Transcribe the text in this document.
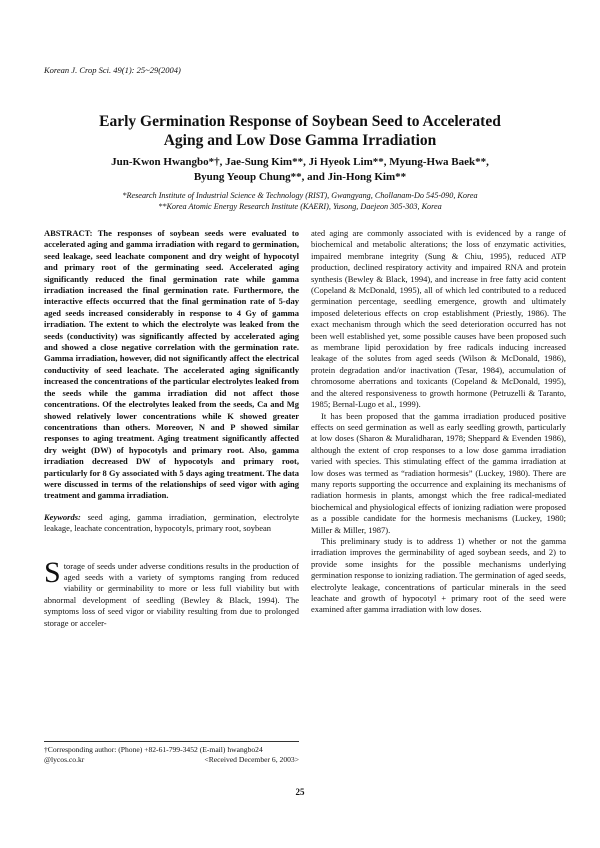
Korean J. Crop Sci. 49(1): 25~29(2004)
Early Germination Response of Soybean Seed to Accelerated
Aging and Low Dose Gamma Irradiation
Jun-Kwon Hwangbo*†, Jae-Sung Kim**, Ji Hyeok Lim**, Myung-Hwa Baek**,
Byung Yeoup Chung**, and Jin-Hong Kim**
*Research Institute of Industrial Science & Technology (RIST), Gwangyang, Chollanam-Do 545-090, Korea
**Korea Atomic Energy Research Institute (KAERI), Yusong, Daejeon 305-303, Korea

ABSTRACT: The responses of soybean seeds were evaluated to accelerated aging and gamma irradiation with regard to germination, seed leakage, seed leachate component and dry weight of hypocotyl and primary root of the germinating seed. Accelerated aging significantly reduced the final germination rate while gamma irradiation increased the final germination rate. Furthermore, the interactive effects occurred that the final germination rate of 5-day aged seeds increased considerably in response to 4 Gy of gamma irradiation. The extent to which the electrolyte was leaked from the seeds (conductivity) was significantly affected by accelerated aging and showed a close negative correlation with the germination rate. Gamma irradiation, however, did not significantly affect the electrical conductivity of seed leachate. The accelerated aging significantly increased the concentrations of the particular electrolytes leaked from the seeds while the gamma irradiation did not affect those concentrations. Of the electrolytes leaked from the seeds, Ca and Mg showed relatively lower concentrations while K showed greater concentrations than others. Moreover, N and P showed similar responses to aging treatment. Aging treatment significantly affected dry weight (DW) of hypocotyls and primary root. Also, gamma irradiation decreased DW of hypocotyls and primary root, particularly for 8 Gy associated with 5 days aging treatment. The data were discussed in terms of the relationships of seed vigor with aging treatment and gamma irradiation.

Keywords: seed aging, gamma irradiation, germination, electrolyte leakage, leachate concentration, hypocotyls, primary root, soybean

Storage of seeds under adverse conditions results in the production of aged seeds with a variety of symptoms ranging from reduced viability or germinability to more or less full viability but with abnormal development of seedling (Bewley & Black, 1994). The symptoms loss of seed vigor or viability resulting from due to prolonged storage or acceler-

ated aging are commonly associated with is evidenced by a range of biochemical and metabolic alterations; the loss of enzymatic activities, impaired membrane integrity (Sung & Chiu, 1995), reduced ATP production, declined respiratory activity and impaired RNA and protein synthesis (Bewley & Black, 1994), and increase in free fatty acid content (Copeland & McDonald, 1995), all of which led contributed to a reduced germination percentage, seedling emergence, growth and ultimately imposed deleterious effects on crop establishment (Priestly, 1986). The exact mechanism through which the seed deterioration occurred has not been well established yet, some possible causes have been proposed such as membrane lipid peroxidation by free radicals inducing increased leakage of the solutes from aged seeds (Wilson & McDonald, 1986), protein degradation and/or inactivation (Tesar, 1984), accumulation of chromosome aberrations and toxicants (Copeland & McDonald, 1995), and the altered responsiveness to growth hormone (Petruzelli & Taranto, 1985; Bernal-Lugo et al., 1999).

It has been proposed that the gamma irradiation produced positive effects on seed germination as well as early seedling growth, particularly at low doses (Sharon & Muralidharan, 1978; Sheppard & Evenden 1986), although the extent of crop responses to a low dose gamma irradiation varied with species. This stimulating effect of the gamma irradiation at low doses was termed as “radiation hormesis” (Luckey, 1980). There are many reports supporting the occurrence and explaining its mechanisms of radiation hormesis in plants, amongst which the free radical-mediated biochemical and physiological effects of ionizing radiation were proposed as a possible candidate for the hormesis mechanisms (Luckey, 1980; Miller & Miller, 1987).

This preliminary study is to address 1) whether or not the gamma irradiation improves the germinability of aged soybean seeds, and 2) to provide some insights for the possible mechanisms underlying germination response to ionizing radiation. The germination of aged seeds, electrolyte leakage, concentrations of particular minerals in the seed leachate and growth of hypocotyl + primary root of the seed were examined after gamma irradiation with low doses.

†Corresponding author: (Phone) +82-61-799-3452 (E-mail) hwangbo24
@lycos.co.kr	<Received December 6, 2003>
25
